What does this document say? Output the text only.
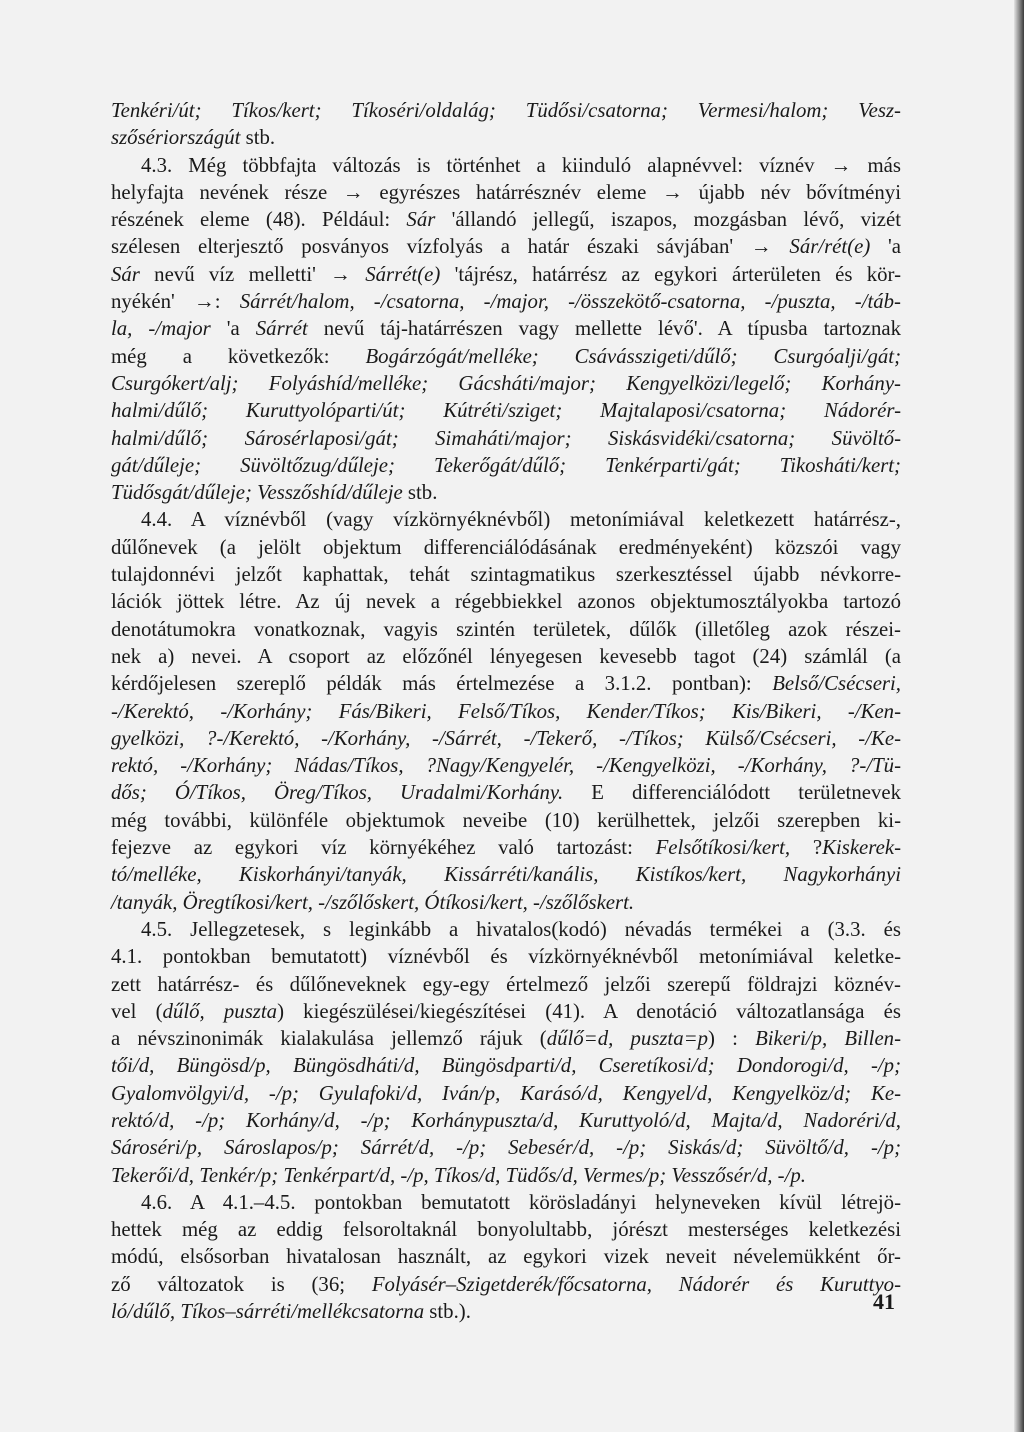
Tenkéri/út; Tíkos/kert; Tíkoséri/oldalág; Tüdősi/csatorna; Vermesi/halom; Vesz-
szősériországút stb.
4.3. Még többfajta változás is történhet a kiinduló alapnévvel: víznév → más
helyfajta nevének része → egyrészes határrésznév eleme → újabb név bővítményi
részének eleme (48). Például: Sár 'állandó jellegű, iszapos, mozgásban lévő, vizét
szélesen elterjesztő posványos vízfolyás a határ északi sávjában' → Sár/rét(e) 'a
Sár nevű víz melletti' → Sárrét(e) 'tájrész, határrész az egykori árterületen és kör-
nyékén' →: Sárrét/halom, -/csatorna, -/major, -/összekötő-csatorna, -/puszta, -/táb-
la, -/major 'a Sárrét nevű táj-határrészen vagy mellette lévő'. A típusba tartoznak
még a következők: Bogárzógát/melléke; Csávásszigeti/dűlő; Csurgóalji/gát;
Csurgókert/alj; Folyáshíd/melléke; Gácsháti/major; Kengyelközi/legelő; Korhány-
halmi/dűlő; Kuruttyolóparti/út; Kútréti/sziget; Majtalaposi/csatorna; Nádorér-
halmi/dűlő; Sárosérlaposi/gát; Simaháti/major; Siskásvidéki/csatorna; Süvöltő-
gát/dűleje; Süvöltőzug/dűleje; Tekerőgát/dűlő; Tenkérparti/gát; Tikosháti/kert;
Tüdősgát/dűleje; Vesszőshíd/dűleje stb.
4.4. A víznévből (vagy vízkörnyéknévből) metonímiával keletkezett határrész-,
dűlőnevek (a jelölt objektum differenciálódásának eredményeként) közszói vagy
tulajdonnévi jelzőt kaphattak, tehát szintagmatikus szerkesztéssel újabb névkorre-
lációk jöttek létre. Az új nevek a régebbiekkel azonos objektumosztályokba tartozó
denotátumokra vonatkoznak, vagyis szintén területek, dűlők (illetőleg azok részei-
nek a) nevei. A csoport az előzőnél lényegesen kevesebb tagot (24) számlál (a
kérdőjelesen szereplő példák más értelmezése a 3.1.2. pontban): Belső/Csécseri,
-/Kerektó, -/Korhány; Fás/Bikeri, Felső/Tíkos, Kender/Tíkos; Kis/Bikeri, -/Ken-
gyelközi, ?-/Kerektó, -/Korhány, -/Sárrét, -/Tekerő, -/Tíkos; Külső/Csécseri, -/Ke-
rektó, -/Korhány; Nádas/Tíkos, ?Nagy/Kengyelér, -/Kengyelközi, -/Korhány, ?-/Tü-
dős; Ó/Tíkos, Öreg/Tíkos, Uradalmi/Korhány. E differenciálódott területnevek
még további, különféle objektumok neveibe (10) kerülhettek, jelzői szerepben ki-
fejezve az egykori víz környékéhez való tartozást: Felsőtíkosi/kert, ?Kiskerek-
tó/melléke, Kiskorhányi/tanyák, Kissárréti/kanális, Kistíkos/kert, Nagykorhányi
/tanyák, Öregtíkosi/kert, -/szőlőskert, Ótíkosi/kert, -/szőlőskert.
4.5. Jellegzetesek, s leginkább a hivatalos(kodó) névadás termékei a (3.3. és
4.1. pontokban bemutatott) víznévből és vízkörnyéknévből metonímiával keletke-
zett határrész- és dűlőneveknek egy-egy értelmező jelzői szerepű földrajzi köznév-
vel (dűlő, puszta) kiegészülései/kiegészítései (41). A denotáció változatlansága és
a névszinonimák kialakulása jellemző rájuk (dűlő=d, puszta=p) : Bikeri/p, Billen-
tői/d, Büngösd/p, Büngösdháti/d, Büngösdparti/d, Cseretíkosi/d; Dondorogi/d, -/p;
Gyalomvölgyi/d, -/p; Gyulafoki/d, Iván/p, Karásó/d, Kengyel/d, Kengyelköz/d; Ke-
rektó/d, -/p; Korhány/d, -/p; Korhánypuszta/d, Kuruttyoló/d, Majta/d, Nadoréri/d,
Sároséri/p, Sároslapos/p; Sárrét/d, -/p; Sebesér/d, -/p; Siskás/d; Süvöltő/d, -/p;
Tekerői/d, Tenkér/p; Tenkérpart/d, -/p, Tíkos/d, Tüdős/d, Vermes/p; Vesszősér/d, -/p.
4.6. A 4.1.–4.5. pontokban bemutatott körösladányi helyneveken kívül létrejö-
hettek még az eddig felsoroltaknál bonyolultabb, jórészt mesterséges keletkezési
módú, elsősorban hivatalosan használt, az egykori vizek neveit névelemükként őr-
ző változatok is (36; Folyásér–Szigetderék/főcsatorna, Nádorér és Kuruttyo-
ló/dűlő, Tíkos–sárréti/mellékcsatorna stb.).	41
